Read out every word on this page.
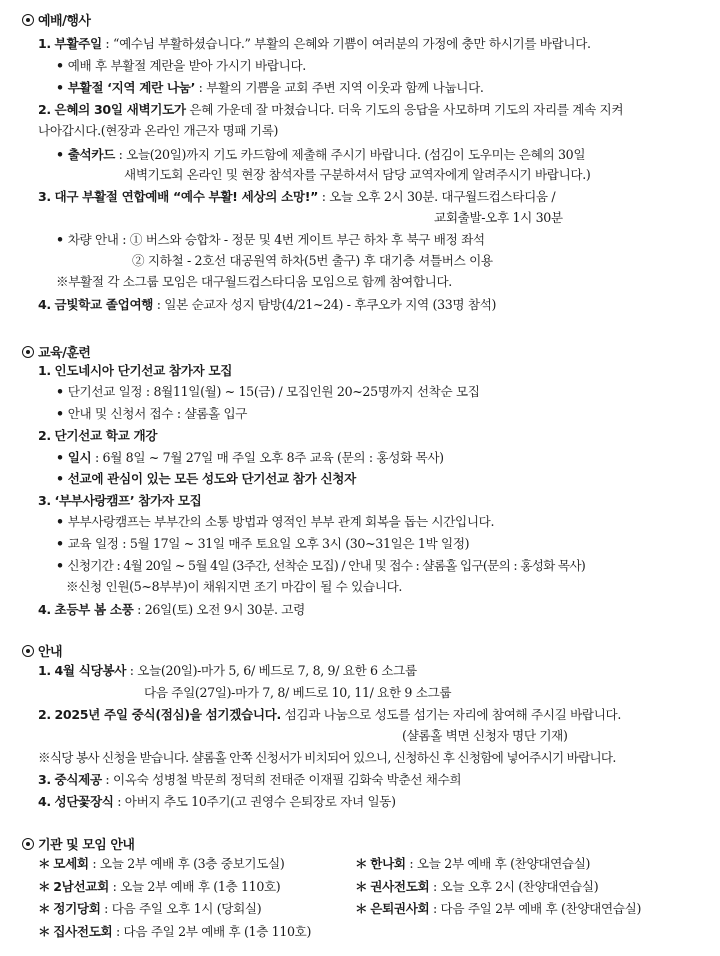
예배/행사
1. 부활주일 : “예수님 부활하셨습니다.” 부활의 은혜와 기쁨이 여러분의 가정에 충만 하시기를 바랍니다.
• 예배 후 부활절 계란을 받아 가시기 바랍니다.
• 부활절 ‘지역 계란 나눔’ : 부활의 기쁨을 교회 주변 지역 이웃과 함께 나눕니다.
2. 은혜의 30일 새벽기도가 은혜 가운데 잘 마쳤습니다. 더욱 기도의 응답을 사모하며 기도의 자리를 계속 지켜
나아갑시다.(현장과 온라인 개근자 명패 기록)
• 출석카드 : 오늘(20일)까지 기도 카드함에 제출해 주시기 바랍니다. (섬김이 도우미는 은혜의 30일
새벽기도회 온라인 및 현장 참석자를 구분하셔서 담당 교역자에게 알려주시기 바랍니다.)
3. 대구 부활절 연합예배 “예수 부활! 세상의 소망!” : 오늘 오후 2시 30분. 대구월드컵스타디움 /
교회출발-오후 1시 30분
• 차량 안내 : ① 버스와 승합차 - 정문 및 4번 게이트 부근 하차 후 북구 배정 좌석
② 지하철 - 2호선 대공원역 하차(5번 출구) 후 대기층 셔틀버스 이용
※부활절 각 소그룹 모임은 대구월드컵스타디움 모임으로 함께 참여합니다.
4. 금빛학교 졸업여행 : 일본 순교자 성지 탐방(4/21~24) - 후쿠오카 지역 (33명 참석)
교육/훈련
1. 인도네시아 단기선교 참가자 모집
• 단기선교 일정 : 8월11일(월) ~ 15(금) / 모집인원 20~25명까지 선착순 모집
• 안내 및 신청서 접수 : 샬롬홀 입구
2. 단기선교 학교 개강
• 일시 : 6월 8일 ~ 7월 27일 매 주일 오후 8주 교육 (문의 : 홍성화 목사)
• 선교에 관심이 있는 모든 성도와 단기선교 참가 신청자
3. ‘부부사랑캠프’ 참가자 모집
• 부부사랑캠프는 부부간의 소통 방법과 영적인 부부 관계 회복을 돕는 시간입니다.
• 교육 일정 : 5월 17일 ~ 31일 매주 토요일 오후 3시 (30~31일은 1박 일정)
• 신청기간 : 4월 20일 ~ 5월 4일 (3주간, 선착순 모집) / 안내 및 접수 : 샬롬홀 입구(문의 : 홍성화 목사)
※신청 인원(5~8부부)이 채워지면 조기 마감이 될 수 있습니다.
4. 초등부 봄 소풍 : 26일(토) 오전 9시 30분. 고령
안내
1. 4월 식당봉사 : 오늘(20일)-마가 5, 6/ 베드로 7, 8, 9/ 요한 6 소그룹
다음 주일(27일)-마가 7, 8/ 베드로 10, 11/ 요한 9 소그룹
2. 2025년 주일 중식(점심)을 섬기겠습니다. 섬김과 나눔으로 성도를 섬기는 자리에 참여해 주시길 바랍니다.
(샬롬홀 벽면 신청자 명단 기재)
※식당 봉사 신청을 받습니다. 샬롬홀 안쪽 신청서가 비치되어 있으니, 신청하신 후 신청함에 넣어주시기 바랍니다.
3. 중식제공 : 이옥숙 성병철 박문희 정덕희 전태준 이재필 김화숙 박춘선 채수희
4. 성단꽃장식 : 아버지 추도 10주기(고 권영수 은퇴장로 자녀 일동)
기관 및 모임 안내
＊ 모세회 : 오늘 2부 예배 후 (3층 중보기도실)
＊ 2남선교회 : 오늘 2부 예배 후 (1층 110호)
＊ 정기당회 : 다음 주일 오후 1시 (당회실)
＊ 집사전도회 : 다음 주일 2부 예배 후 (1층 110호)
＊ 한나회 : 오늘 2부 예배 후 (찬양대연습실)
＊ 권사전도회 : 오늘 오후 2시 (찬양대연습실)
＊ 은퇴권사회 : 다음 주일 2부 예배 후 (찬양대연습실)
